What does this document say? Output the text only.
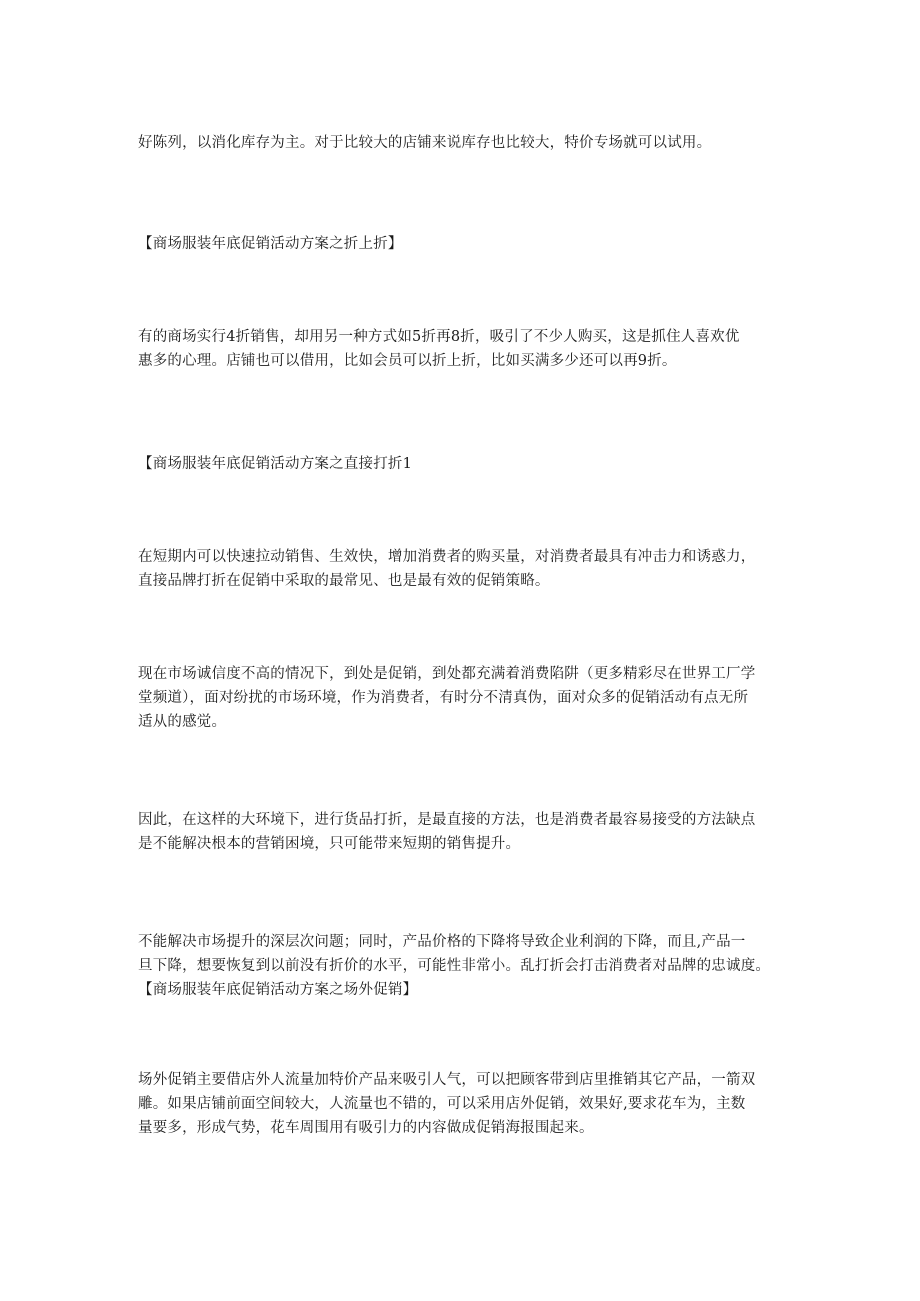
好陈列，以消化库存为主。对于比较大的店铺来说库存也比较大，特价专场就可以试用。

【商场服装年底促销活动方案之折上折】

有的商场实行4折销售，却用另一种方式如5折再8折，吸引了不少人购买，这是抓住人喜欢优
惠多的心理。店铺也可以借用，比如会员可以折上折，比如买满多少还可以再9折。

【商场服装年底促销活动方案之直接打折1

在短期内可以快速拉动销售、生效快，增加消费者的购买量，对消费者最具有冲击力和诱惑力，
直接品牌打折在促销中采取的最常见、也是最有效的促销策略。

现在市场诚信度不高的情况下，到处是促销，到处都充满着消费陷阱（更多精彩尽在世界工厂学
堂频道），面对纷扰的市场环境，作为消费者，有时分不清真伪，面对众多的促销活动有点无所
适从的感觉。

因此，在这样的大环境下，进行货品打折，是最直接的方法，也是消费者最容易接受的方法缺点
是不能解决根本的营销困境，只可能带来短期的销售提升。

不能解决市场提升的深层次问题；同时，产品价格的下降将导致企业利润的下降，而且,产品一
旦下降，想要恢复到以前没有折价的水平，可能性非常小。乱打折会打击消费者对品牌的忠诚度。
【商场服装年底促销活动方案之场外促销】

场外促销主要借店外人流量加特价产品来吸引人气，可以把顾客带到店里推销其它产品，一箭双
雕。如果店铺前面空间较大，人流量也不错的，可以采用店外促销，效果好,要求花车为，主数
量要多，形成气势，花车周围用有吸引力的内容做成促销海报围起来。
